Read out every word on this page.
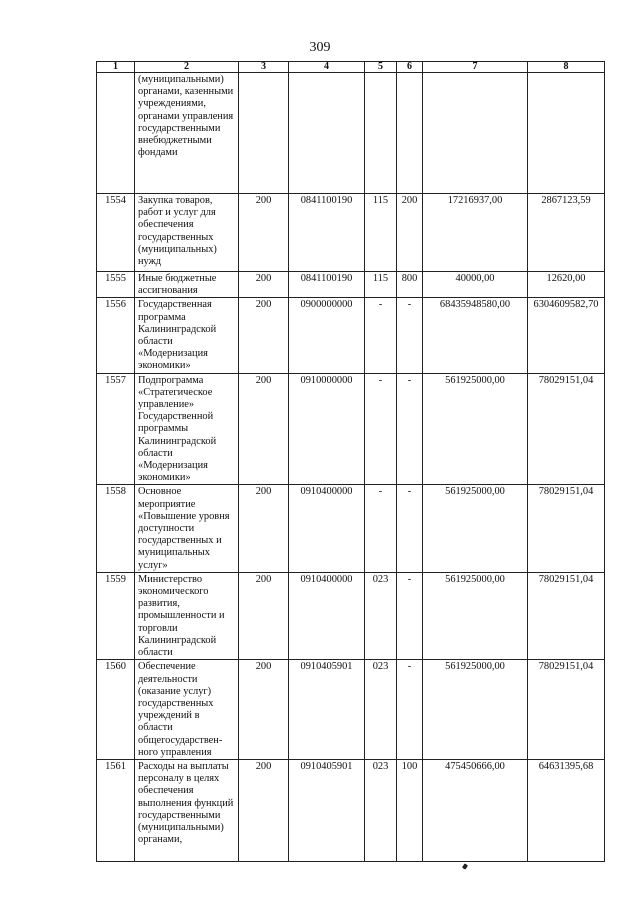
309
1	2	3	4	5	6	7	8
	(муниципальными) органами, казенными учреждениями, органами управления государственными внебюджетными фондами						
1554	Закупка товаров, работ и услуг для обеспечения государственных (муниципальных) нужд	200	0841100190	115	200	17216937,00	2867123,59
1555	Иные бюджетные ассигнования	200	0841100190	115	800	40000,00	12620,00
1556	Государственная программа Калининградской области «Модернизация экономики»	200	0900000000	-	-	68435948580,00	6304609582,70
1557	Подпрограмма «Стратегическое управление» Государственной программы Калининградской области «Модернизация экономики»	200	0910000000	-	-	561925000,00	78029151,04
1558	Основное мероприятие «Повышение уровня доступности государственных и муниципальных услуг»	200	0910400000	-	-	561925000,00	78029151,04
1559	Министерство экономического развития, промышленности и торговли Калининградской области	200	0910400000	023	-	561925000,00	78029151,04
1560	Обеспечение деятельности (оказание услуг) государственных учреждений в области общегосударствен-ного управления	200	0910405901	023	-	561925000,00	78029151,04
1561	Расходы на выплаты персоналу в целях обеспечения выполнения функций государственными (муниципальными) органами,	200	0910405901	023	100	475450666,00	64631395,68
